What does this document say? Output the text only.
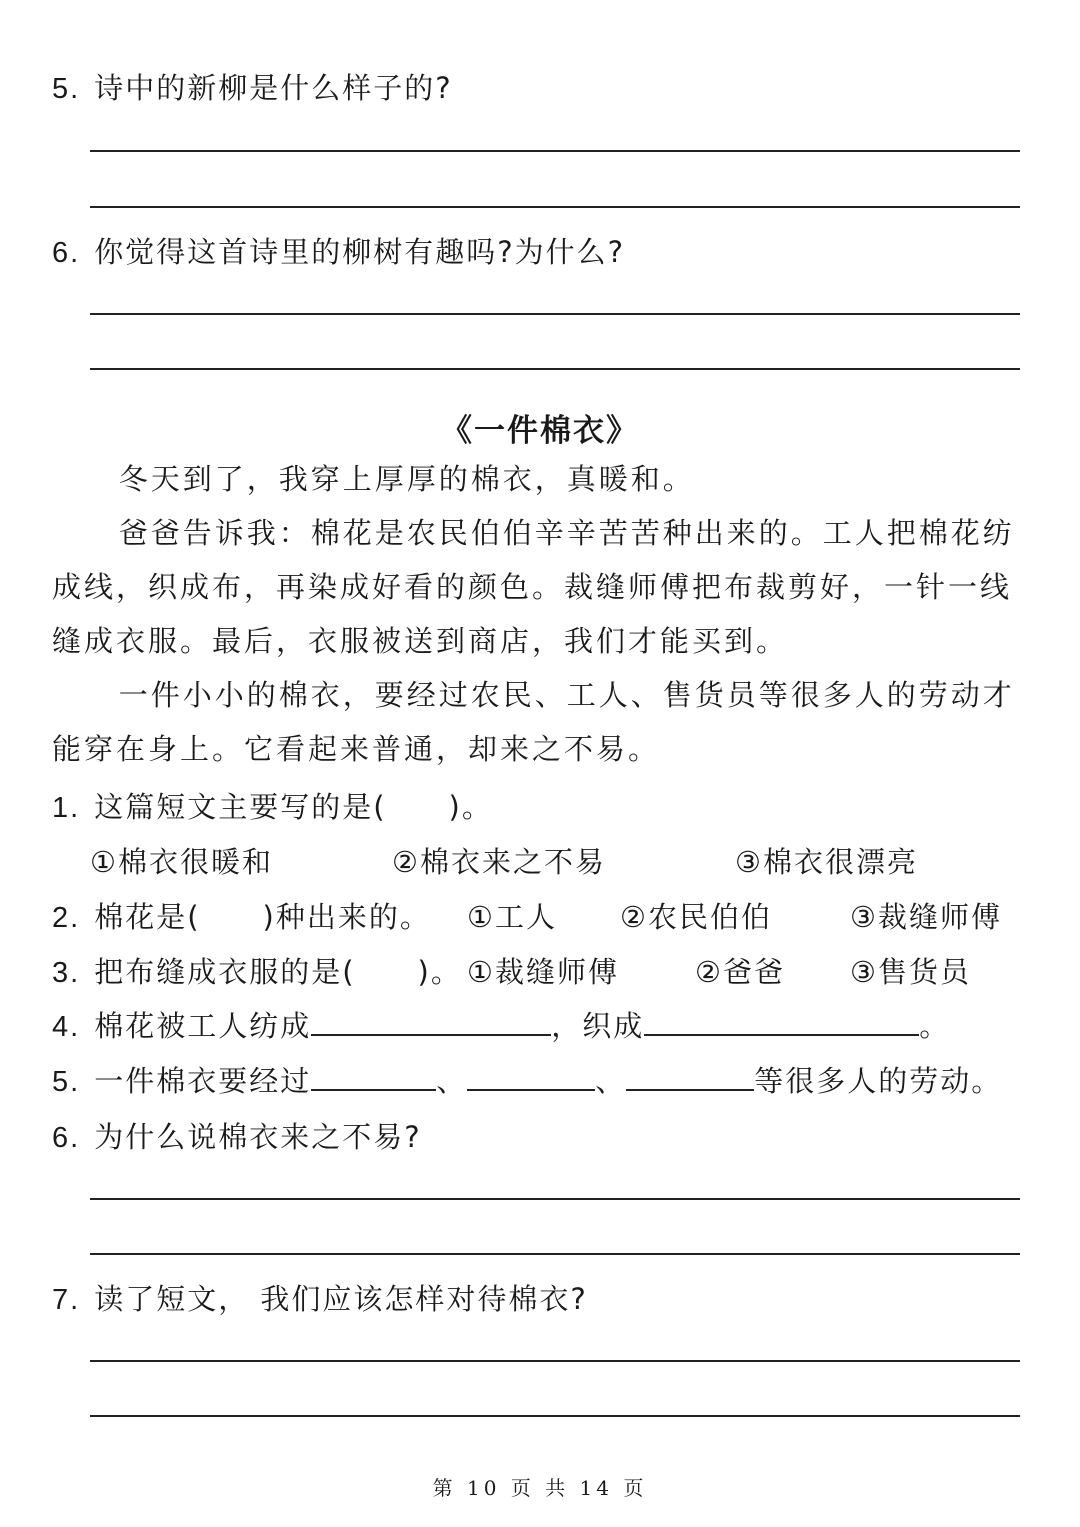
5. 诗中的新柳是什么样子的?
6. 你觉得这首诗里的柳树有趣吗?为什么?
《一件棉衣》
冬天到了，我穿上厚厚的棉衣，真暖和。
爸爸告诉我：棉花是农民伯伯辛辛苦苦种出来的。工人把棉花纺成线，织成布，再染成好看的颜色。裁缝师傅把布裁剪好，一针一线缝成衣服。最后，衣服被送到商店，我们才能买到。
一件小小的棉衣，要经过农民、工人、售货员等很多人的劳动才能穿在身上。它看起来普通，却来之不易。
1. 这篇短文主要写的是(　　)。
①棉衣很暖和	②棉衣来之不易	③棉衣很漂亮
2. 棉花是(　　)种出来的。 ①工人 ②农民伯伯	③裁缝师傅
3. 把布缝成衣服的是(　　)。 ①裁缝师傅	②爸爸 ③售货员
4. 棉花被工人纺成	，织成	。
5. 一件棉衣要经过	、	、	等很多人的劳动。
6. 为什么说棉衣来之不易?
7. 读了短文， 我们应该怎样对待棉衣?
第 10 页 共 14 页
